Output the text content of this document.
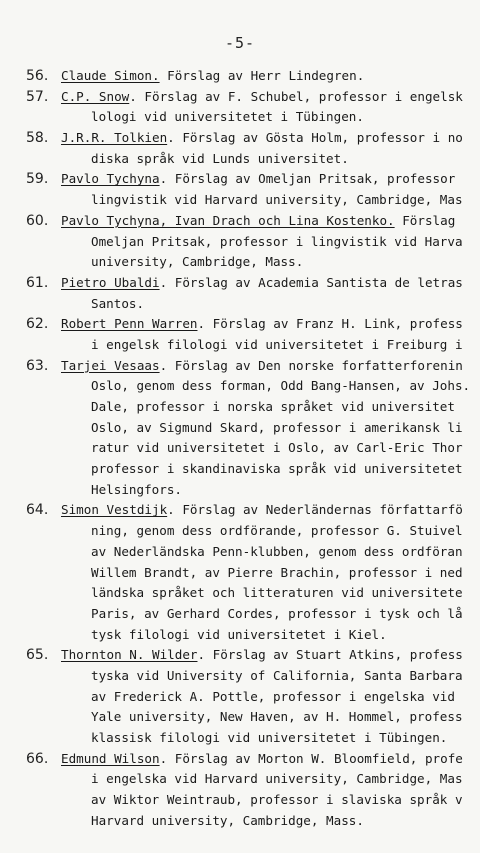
-5-
56.	Claude Simon. Förslag av Herr Lindegren.
57.	C.P. Snow. Förslag av F. Schubel, professor i engelsk
lologi vid universitetet i Tübingen.
58.	J.R.R. Tolkien. Förslag av Gösta Holm, professor i no
diska språk vid Lunds universitet.
59.	Pavlo Tychyna. Förslag av Omeljan Pritsak, professor
lingvistik vid Harvard university, Cambridge, Mas
60.	Pavlo Tychyna, Ivan Drach och Lina Kostenko. Förslag
Omeljan Pritsak, professor i lingvistik vid Harva
university, Cambridge, Mass.
61.	Pietro Ubaldi. Förslag av Academia Santista de letras
Santos.
62.	Robert Penn Warren. Förslag av Franz H. Link, profess
i engelsk filologi vid universitetet i Freiburg i
63.	Tarjei Vesaas. Förslag av Den norske forfatterforenin
Oslo, genom dess forman, Odd Bang-Hansen, av Johs.
Dale, professor i norska språket vid universitet
Oslo, av Sigmund Skard, professor i amerikansk li
ratur vid universitetet i Oslo, av Carl-Eric Thor
professor i skandinaviska språk vid universitetet
Helsingfors.
64.	Simon Vestdijk. Förslag av Nederländernas författarfö
ning, genom dess ordförande, professor G. Stuivel
av Nederländska Penn-klubben, genom dess ordföran
Willem Brandt, av Pierre Brachin, professor i ned
ländska språket och litteraturen vid universitete
Paris, av Gerhard Cordes, professor i tysk och lå
tysk filologi vid universitetet i Kiel.
65.	Thornton N. Wilder. Förslag av Stuart Atkins, profess
tyska vid University of California, Santa Barbara
av Frederick A. Pottle, professor i engelska vid
Yale university, New Haven, av H. Hommel, profess
klassisk filologi vid universitetet i Tübingen.
66.	Edmund Wilson. Förslag av Morton W. Bloomfield, profe
i engelska vid Harvard university, Cambridge, Mas
av Wiktor Weintraub, professor i slaviska språk v
Harvard university, Cambridge, Mass.
